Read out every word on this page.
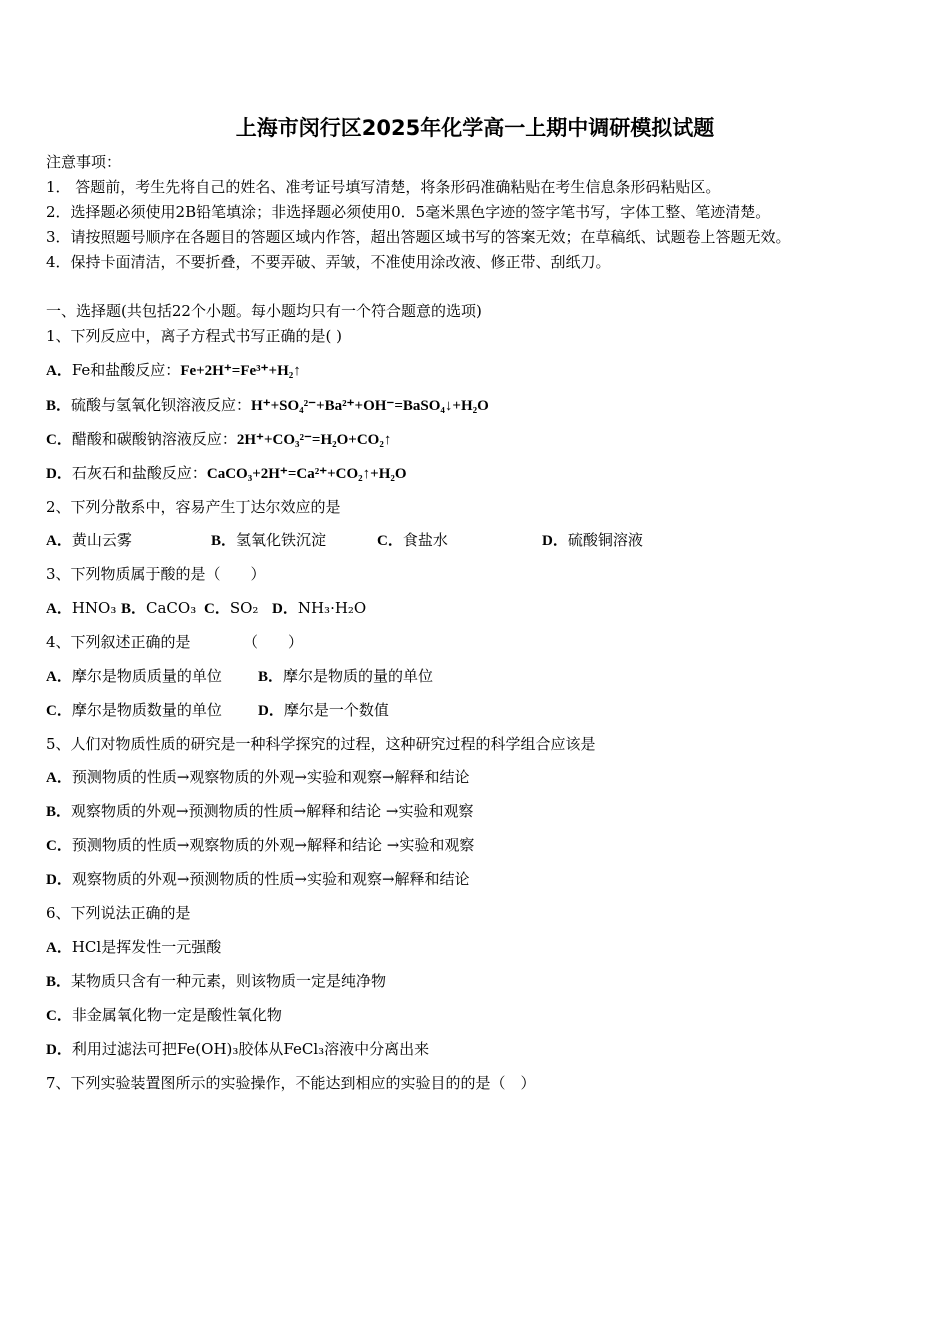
上海市闵行区2025年化学高一上期中调研模拟试题
注意事项：
1． 答题前，考生先将自己的姓名、准考证号填写清楚，将条形码准确粘贴在考生信息条形码粘贴区。
2．选择题必须使用2B铅笔填涂；非选择题必须使用0．5毫米黑色字迹的签字笔书写，字体工整、笔迹清楚。
3．请按照题号顺序在各题目的答题区域内作答，超出答题区域书写的答案无效；在草稿纸、试题卷上答题无效。
4．保持卡面清洁，不要折叠，不要弄破、弄皱，不准使用涂改液、修正带、刮纸刀。
一、选择题(共包括22个小题。每小题均只有一个符合题意的选项)
1、下列反应中，离子方程式书写正确的是( )
A．Fe和盐酸反应：Fe+2H⁺=Fe³⁺+H₂↑
B．硫酸与氢氧化钡溶液反应：H⁺+SO₄²⁻+Ba²⁺+OH⁻=BaSO₄↓+H₂O
C．醋酸和碳酸钠溶液反应：2H⁺+CO₃²⁻=H₂O+CO₂↑
D．石灰石和盐酸反应：CaCO₃+2H⁺=Ca²⁺+CO₂↑+H₂O
2、下列分散系中，容易产生丁达尔效应的是
A．黄山云雾	B．氢氧化铁沉淀	C．食盐水	D．硫酸铜溶液
3、下列物质属于酸的是（　　）
A．HNO₃ B．CaCO₃ C．SO₂ D．NH₃·H₂O
4、下列叙述正确的是　　　　（　　）
A．摩尔是物质质量的单位 B．摩尔是物质的量的单位
C．摩尔是物质数量的单位 D．摩尔是一个数值
5、人们对物质性质的研究是一种科学探究的过程，这种研究过程的科学组合应该是
A．预测物质的性质→观察物质的外观→实验和观察→解释和结论
B．观察物质的外观→预测物质的性质→解释和结论 →实验和观察
C．预测物质的性质→观察物质的外观→解释和结论 →实验和观察
D．观察物质的外观→预测物质的性质→实验和观察→解释和结论
6、下列说法正确的是
A．HCl是挥发性一元强酸
B．某物质只含有一种元素，则该物质一定是纯净物
C．非金属氧化物一定是酸性氧化物
D．利用过滤法可把Fe(OH)₃胶体从FeCl₃溶液中分离出来
7、下列实验装置图所示的实验操作，不能达到相应的实验目的的是（　）
